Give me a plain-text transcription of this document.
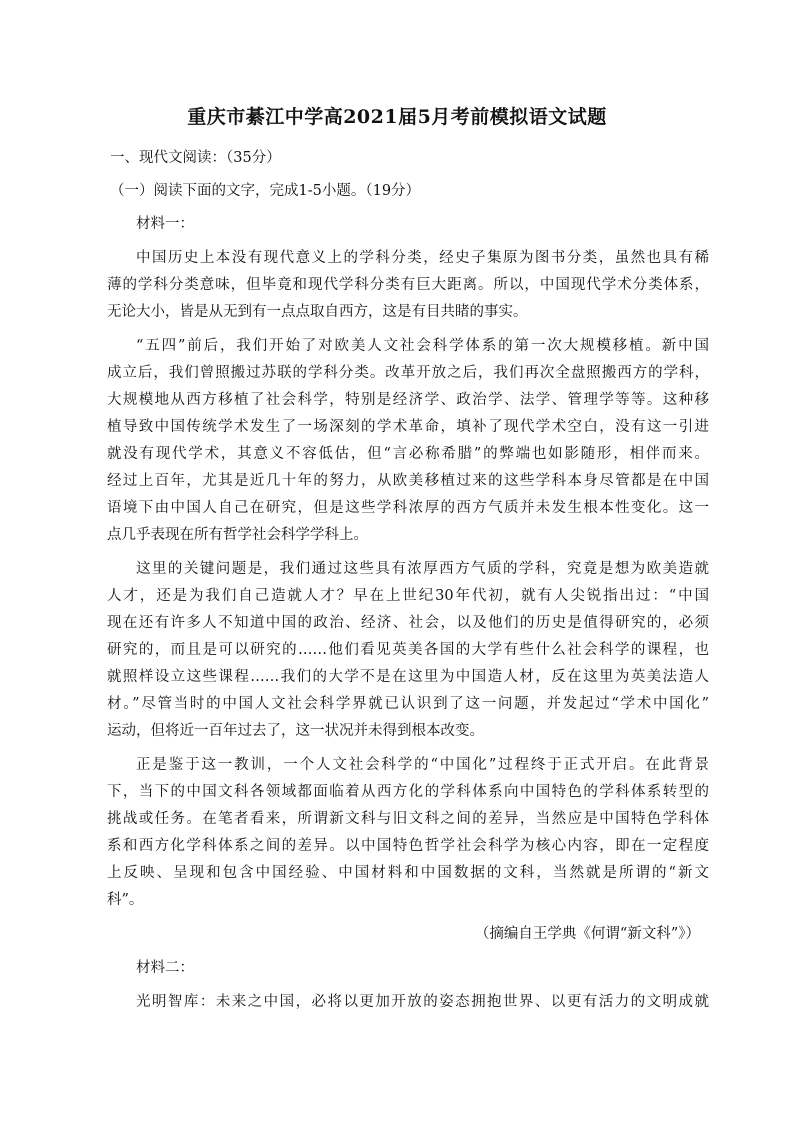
重庆市綦江中学高2021届5月考前模拟语文试题
一、现代文阅读：（35分）
（一）阅读下面的文字，完成1-5小题。（19分）
材料一：
中国历史上本没有现代意义上的学科分类，经史子集原为图书分类，虽然也具有稀
薄的学科分类意味，但毕竟和现代学科分类有巨大距离。所以，中国现代学术分类体系，
无论大小，皆是从无到有一点点取自西方，这是有目共睹的事实。
“五四”前后，我们开始了对欧美人文社会科学体系的第一次大规模移植。新中国
成立后，我们曾照搬过苏联的学科分类。改革开放之后，我们再次全盘照搬西方的学科，
大规模地从西方移植了社会科学，特别是经济学、政治学、法学、管理学等等。这种移
植导致中国传统学术发生了一场深刻的学术革命，填补了现代学术空白，没有这一引进
就没有现代学术，其意义不容低估，但“言必称希腊”的弊端也如影随形，相伴而来。
经过上百年，尤其是近几十年的努力，从欧美移植过来的这些学科本身尽管都是在中国
语境下由中国人自己在研究，但是这些学科浓厚的西方气质并未发生根本性变化。这一
点几乎表现在所有哲学社会科学学科上。
这里的关键问题是，我们通过这些具有浓厚西方气质的学科，究竟是想为欧美造就
人才，还是为我们自己造就人才？早在上世纪30年代初，就有人尖锐指出过：“中国
现在还有许多人不知道中国的政治、经济、社会，以及他们的历史是值得研究的，必须
研究的，而且是可以研究的……他们看见英美各国的大学有些什么社会科学的课程，也
就照样设立这些课程……我们的大学不是在这里为中国造人材，反在这里为英美法造人
材。”尽管当时的中国人文社会科学界就已认识到了这一问题，并发起过“学术中国化”
运动，但将近一百年过去了，这一状况并未得到根本改变。
正是鉴于这一教训，一个人文社会科学的“中国化”过程终于正式开启。在此背景
下，当下的中国文科各领域都面临着从西方化的学科体系向中国特色的学科体系转型的
挑战或任务。在笔者看来，所谓新文科与旧文科之间的差异，当然应是中国特色学科体
系和西方化学科体系之间的差异。以中国特色哲学社会科学为核心内容，即在一定程度
上反映、呈现和包含中国经验、中国材料和中国数据的文科，当然就是所谓的“新文
科”。
（摘编自王学典《何谓“新文科”》）
材料二：
光明智库：未来之中国，必将以更加开放的姿态拥抱世界、以更有活力的文明成就
